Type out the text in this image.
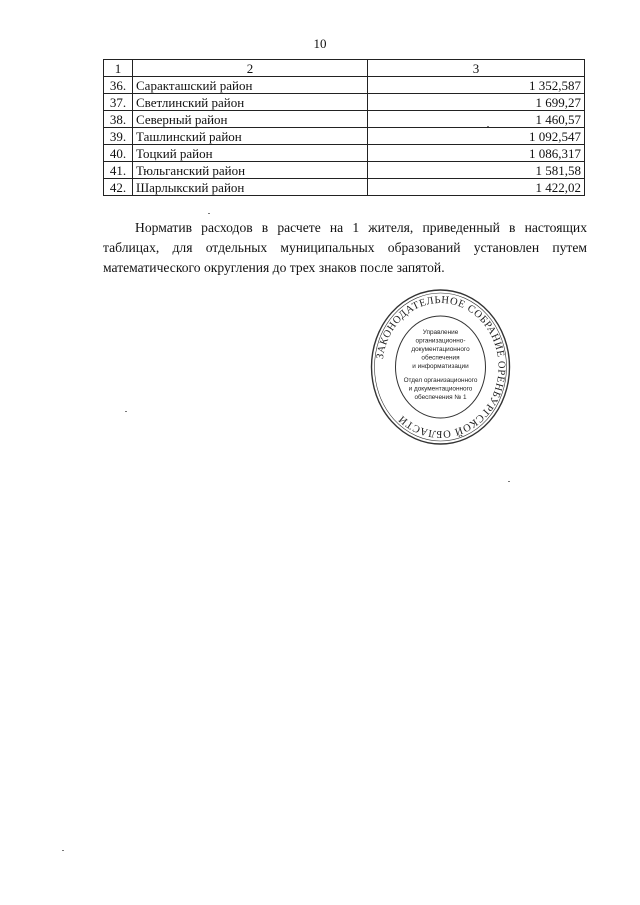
10
1	2	3
36.	Саракташский район	1 352,587
37.	Светлинский район	1 699,27
38.	Северный район	1 460,57
39.	Ташлинский район	1 092,547
40.	Тоцкий район	1 086,317
41.	Тюльганский район	1 581,58
42.	Шарлыкский район	1 422,02

Норматив расходов в расчете на 1 жителя, приведенный в настоящих таблицах, для отдельных муниципальных образований установлен путем математического округления до трех знаков после запятой.

ЗАКОНОДАТЕЛЬНОЕ СОБРАНИЕ ОРЕНБУРГСКОЙ ОБЛАСТИ
Управление организационно-документационного обеспечения и информатизации Отдел организационного и документационного обеспечения № 1
